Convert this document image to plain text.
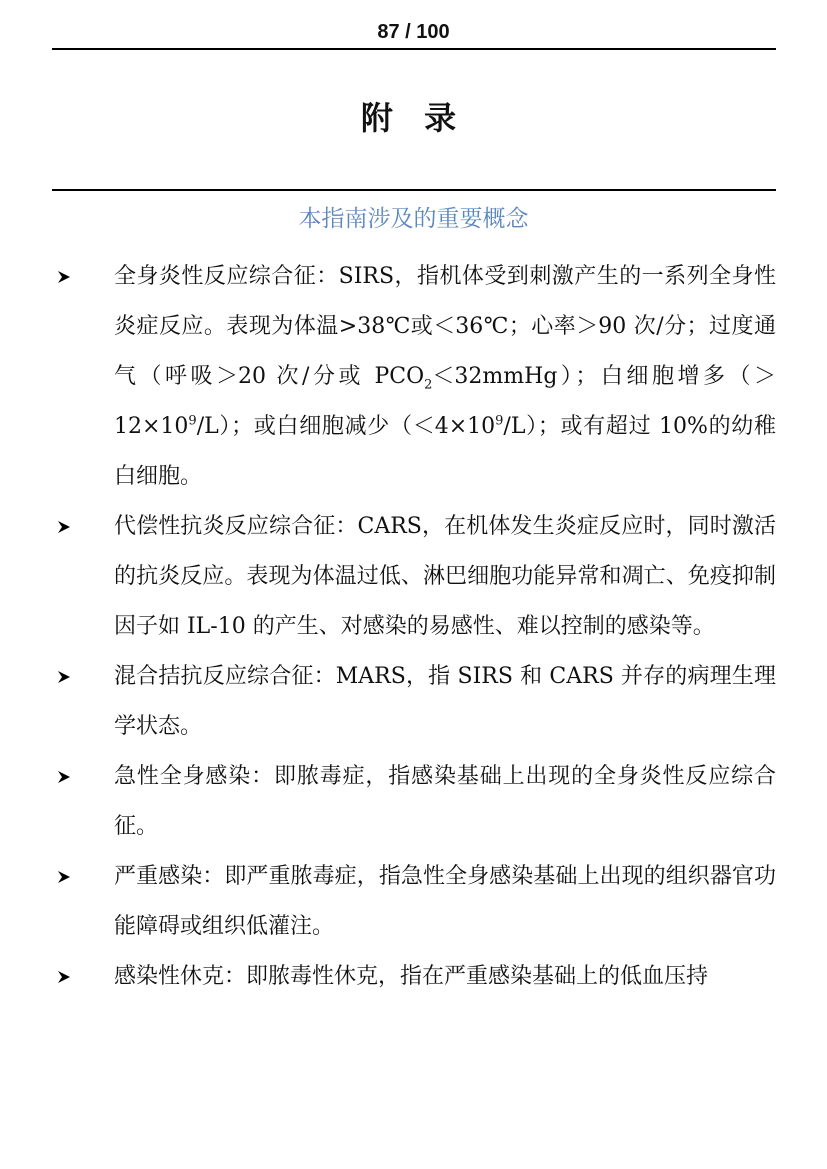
87 / 100
附 录
本指南涉及的重要概念
全身炎性反应综合征：SIRS，指机体受到刺激产生的一系列全身性炎症反应。表现为体温>38℃或＜36℃；心率＞90 次/分；过度通气（呼吸＞20 次/分或 $PCO_2<32mmHg$）；白细胞增多$(>12\times 10^9/L)$；或白细胞减少$(<4\times 10^9/L)$；或有超过 10%的幼稚白细胞。
代偿性抗炎反应综合征：CARS，在机体发生炎症反应时，同时激活的抗炎反应。表现为体温过低、淋巴细胞功能异常和凋亡、免疫抑制因子如 IL-10 的产生、对感染的易感性、难以控制的感染等。
混合拮抗反应综合征：MARS，指 SIRS 和 CARS 并存的病理生理学状态。
急性全身感染：即脓毒症，指感染基础上出现的全身炎性反应综合征。
严重感染：即严重脓毒症，指急性全身感染基础上出现的组织器官功能障碍或组织低灌注。
感染性休克：即脓毒性休克，指在严重感染基础上的低血压持
